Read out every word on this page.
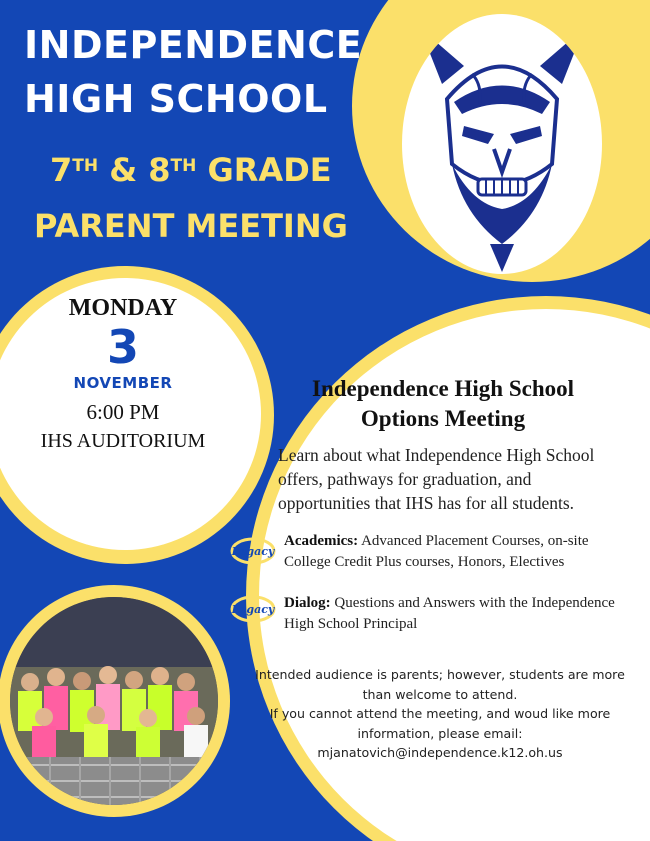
INDEPENDENCE
HIGH SCHOOL
7TH & 8TH GRADE
PARENT MEETING
MONDAY
3
NOVEMBER
6:00 PM
IHS AUDITORIUM
Independence High School Options Meeting
Learn about what Independence High School offers, pathways for graduation, and opportunities that IHS has for all students.
Legacy
Academics: Advanced Placement Courses, on-site College Credit Plus courses, Honors, Electives
Legacy Dialog: Questions and Answers with the Independence High School Principal
Intended audience is parents; however, students are more than welcome to attend.
If you cannot attend the meeting, and woud like more information, please email:
mjanatovich@independence.k12.oh.us
